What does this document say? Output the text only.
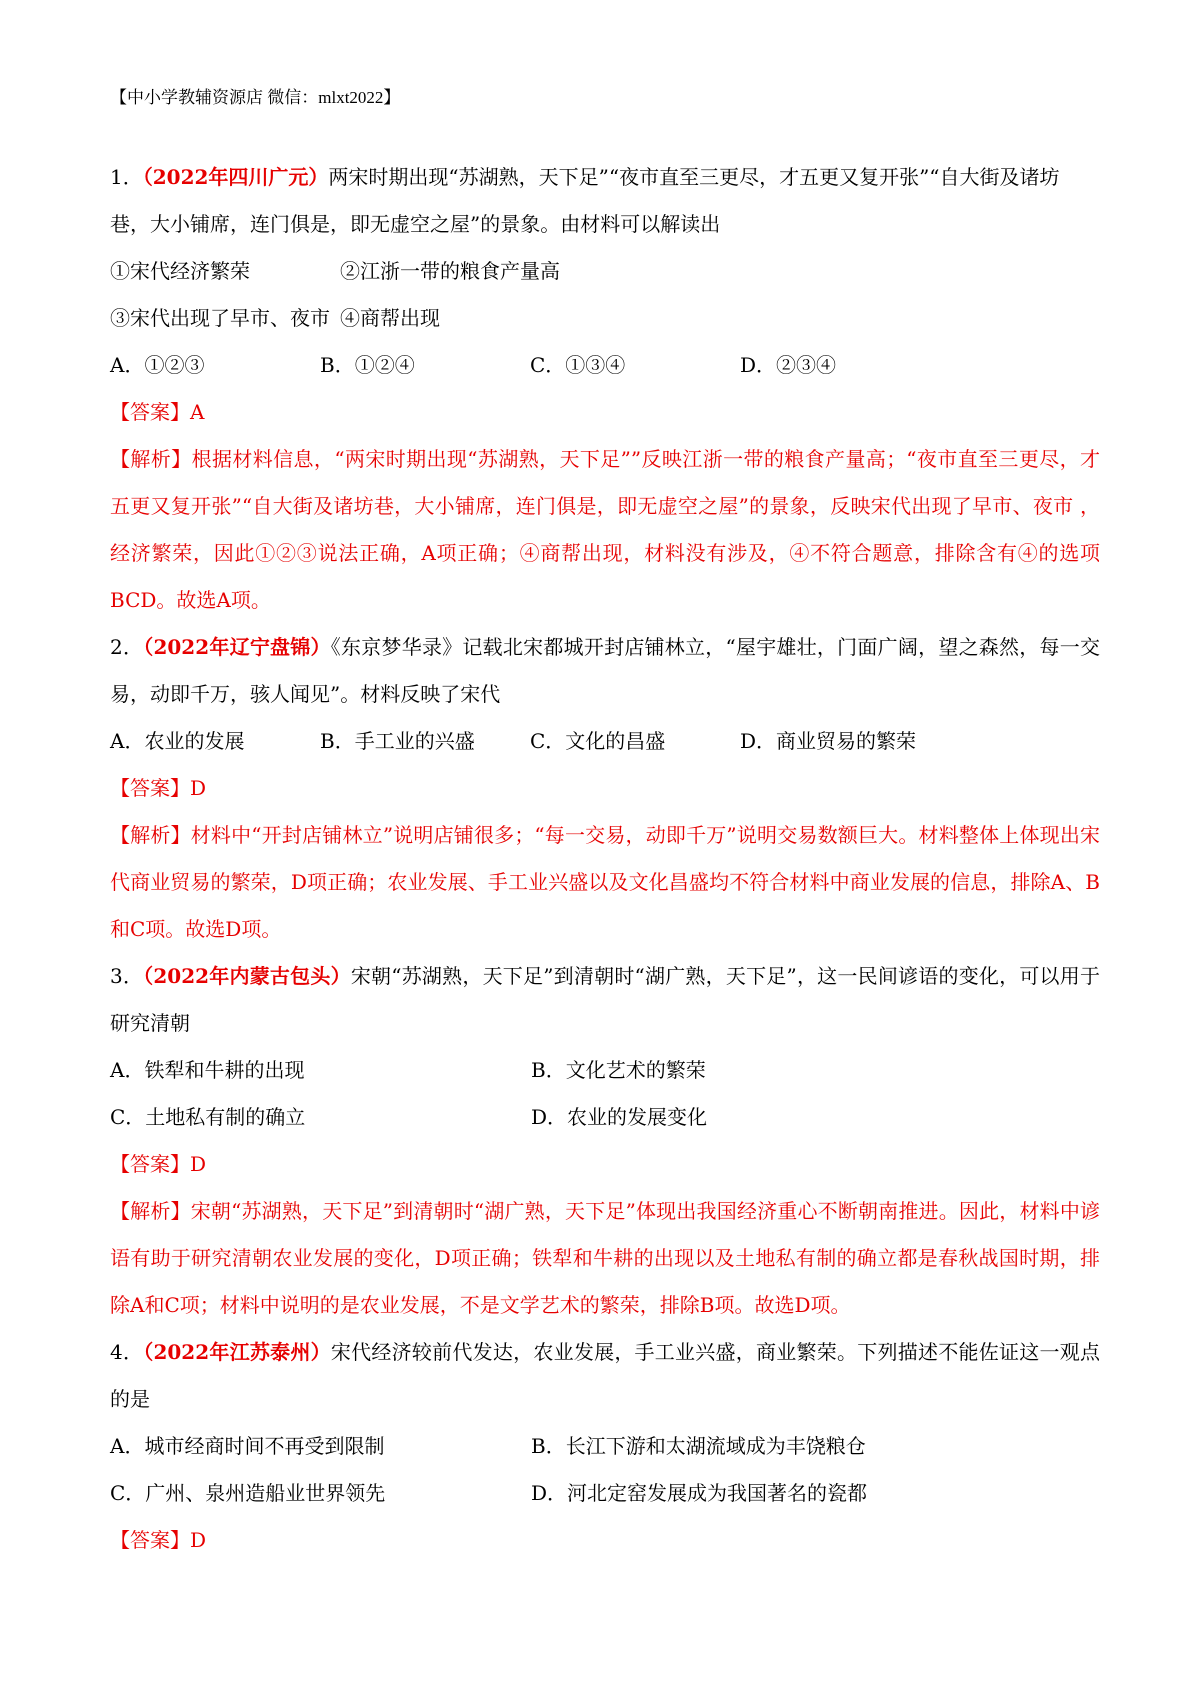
【中小学教辅资源店 微信：mlxt2022】
1．（2022年四川广元）两宋时期出现“苏湖熟，天下足”“夜市直至三更尽，才五更又复开张”“自大街及诸坊
巷，大小铺席，连门俱是，即无虚空之屋”的景象。由材料可以解读出
①宋代经济繁荣	②江浙一带的粮食产量高
③宋代出现了早市、夜市 ④商帮出现
A．①②③	B．①②④	C．①③④	D．②③④
【答案】A
【解析】根据材料信息，“两宋时期出现“苏湖熟，天下足””反映江浙一带的粮食产量高；“夜市直至三更尽，才五更又复开张”“自大街及诸坊巷，大小铺席，连门俱是，即无虚空之屋”的景象，反映宋代出现了早市、夜市 ，经济繁荣，因此①②③说法正确，A项正确；④商帮出现，材料没有涉及，④不符合题意，排除含有④的选项BCD。故选A项。
2．（2022年辽宁盘锦）《东京梦华录》记载北宋都城开封店铺林立，“屋宇雄壮，门面广阔，望之森然，每一交易，动即千万，骇人闻见”。材料反映了宋代
A．农业的发展	B．手工业的兴盛	C．文化的昌盛	D．商业贸易的繁荣
【答案】D
【解析】材料中“开封店铺林立”说明店铺很多；“每一交易，动即千万”说明交易数额巨大。材料整体上体现出宋代商业贸易的繁荣，D项正确；农业发展、手工业兴盛以及文化昌盛均不符合材料中商业发展的信息，排除A、B和C项。故选D项。
3．（2022年内蒙古包头）宋朝“苏湖熟，天下足”到清朝时“湖广熟，天下足”，这一民间谚语的变化，可以用于研究清朝
A．铁犁和牛耕的出现	B．文化艺术的繁荣
C．土地私有制的确立	D．农业的发展变化
【答案】D
【解析】宋朝“苏湖熟，天下足”到清朝时“湖广熟，天下足”体现出我国经济重心不断朝南推进。因此，材料中谚语有助于研究清朝农业发展的变化，D项正确；铁犁和牛耕的出现以及土地私有制的确立都是春秋战国时期，排除A和C项；材料中说明的是农业发展，不是文学艺术的繁荣，排除B项。故选D项。
4．（2022年江苏泰州）宋代经济较前代发达，农业发展，手工业兴盛，商业繁荣。下列描述不能佐证这一观点的是
A．城市经商时间不再受到限制	B．长江下游和太湖流域成为丰饶粮仓
C．广州、泉州造船业世界领先	D．河北定窑发展成为我国著名的瓷都
【答案】D
